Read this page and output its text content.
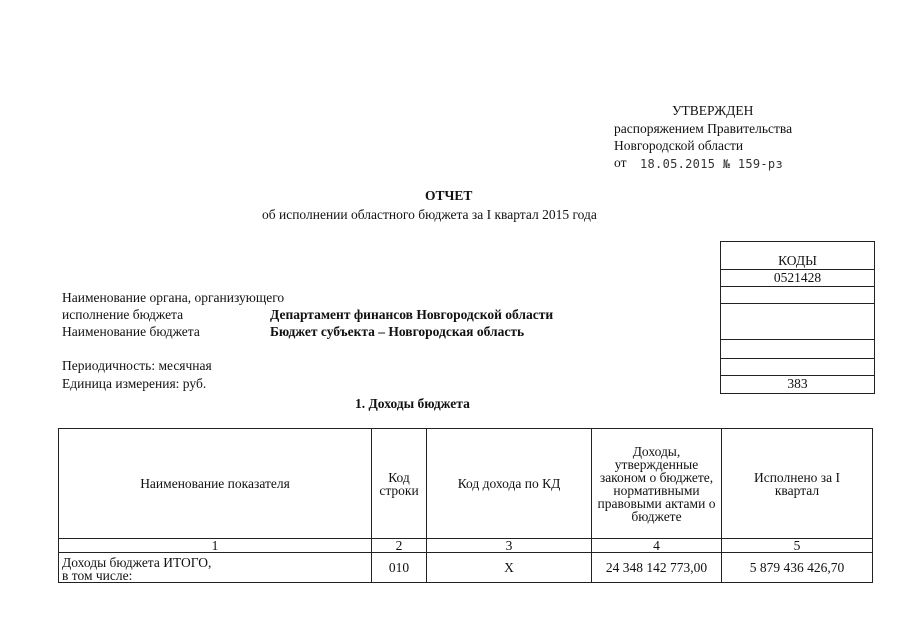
УТВЕРЖДЕН
распоряжением Правительства
Новгородской области
от 18.05.2015 № 159-рз
ОТЧЕТ
об исполнении областного бюджета за I квартал 2015 года
КОДЫ
0521428
383
Наименование органа, организующего
исполнение бюджета	Департамент финансов Новгородской области
Наименование бюджета	Бюджет субъекта – Новгородская область
Периодичность: месячная
Единица измерения: руб.
1. Доходы бюджета
Наименование показателя	Код строки	Код дохода по КД	Доходы, утвержденные законом о бюджете, нормативными правовыми актами о бюджете	Исполнено за I квартал
1	2	3	4	5

Доходы бюджета ИТОГО,
в том числе:	010	X	24 348 142 773,00	5 879 436 426,70
